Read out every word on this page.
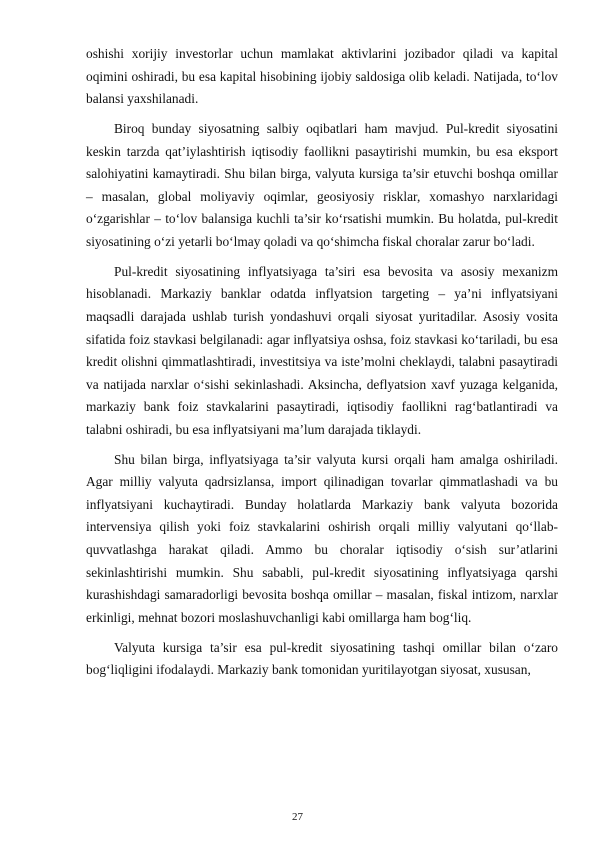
oshishi xorijiy investorlar uchun mamlakat aktivlarini jozibador qiladi va kapital oqimini oshiradi, bu esa kapital hisobining ijobiy saldosiga olib keladi. Natijada, to‘lov balansi yaxshilanadi.

Biroq bunday siyosatning salbiy oqibatlari ham mavjud. Pul-kredit siyosatini keskin tarzda qat’iylashtirish iqtisodiy faollikni pasaytirishi mumkin, bu esa eksport salohiyatini kamaytiradi. Shu bilan birga, valyuta kursiga ta’sir etuvchi boshqa omillar – masalan, global moliyaviy oqimlar, geosiyosiy risklar, xomashyo narxlaridagi o‘zgarishlar – to‘lov balansiga kuchli ta’sir ko‘rsatishi mumkin. Bu holatda, pul-kredit siyosatining o‘zi yetarli bo‘lmay qoladi va qo‘shimcha fiskal choralar zarur bo‘ladi.

Pul-kredit siyosatining inflyatsiyaga ta’siri esa bevosita va asosiy mexanizm hisoblanadi. Markaziy banklar odatda inflyatsion targeting – ya’ni inflyatsiyani maqsadli darajada ushlab turish yondashuvi orqali siyosat yuritadilar. Asosiy vosita sifatida foiz stavkasi belgilanadi: agar inflyatsiya oshsa, foiz stavkasi ko‘tariladi, bu esa kredit olishni qimmatlashtiradi, investitsiya va iste’molni cheklaydi, talabni pasaytiradi va natijada narxlar o‘sishi sekinlashadi. Aksincha, deflyatsion xavf yuzaga kelganida, markaziy bank foiz stavkalarini pasaytiradi, iqtisodiy faollikni rag‘batlantiradi va talabni oshiradi, bu esa inflyatsiyani ma’lum darajada tiklaydi.

Shu bilan birga, inflyatsiyaga ta’sir valyuta kursi orqali ham amalga oshiriladi. Agar milliy valyuta qadrsizlansa, import qilinadigan tovarlar qimmatlashadi va bu inflyatsiyani kuchaytiradi. Bunday holatlarda Markaziy bank valyuta bozorida intervensiya qilish yoki foiz stavkalarini oshirish orqali milliy valyutani qo‘llab-quvvatlashga harakat qiladi. Ammo bu choralar iqtisodiy o‘sish sur’atlarini sekinlashtirishi mumkin. Shu sababli, pul-kredit siyosatining inflyatsiyaga qarshi kurashishdagi samaradorligi bevosita boshqa omillar – masalan, fiskal intizom, narxlar erkinligi, mehnat bozori moslashuvchanligi kabi omillarga ham bog‘liq.

Valyuta kursiga ta’sir esa pul-kredit siyosatining tashqi omillar bilan o‘zaro bog‘liqligini ifodalaydi. Markaziy bank tomonidan yuritilayotgan siyosat, xususan,

27
